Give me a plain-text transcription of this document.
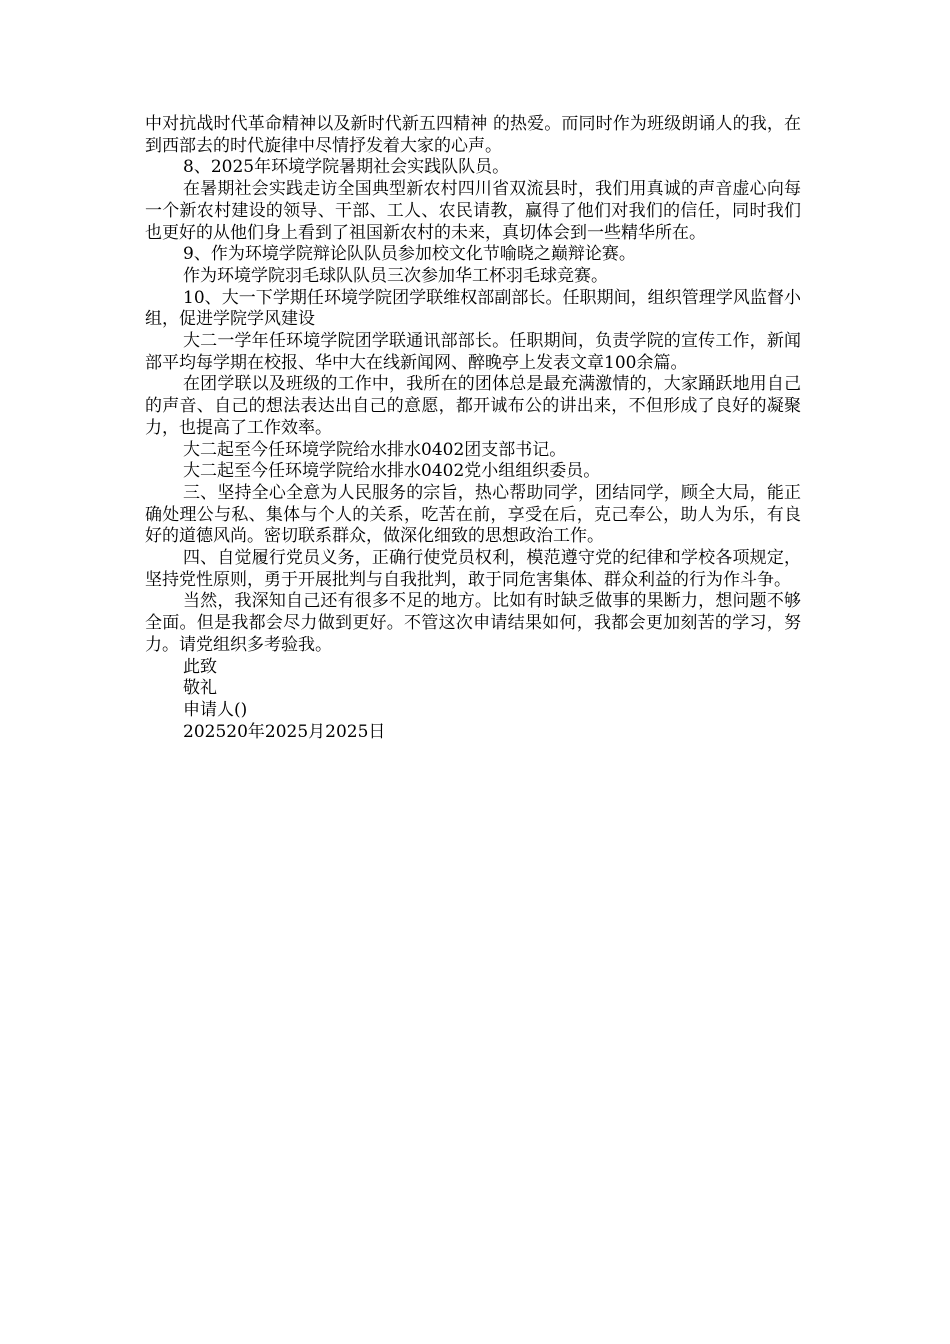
中对抗战时代革命精神以及新时代新五四精神 的热爱。而同时作为班级朗诵人的我，在到西部去的时代旋律中尽情抒发着大家的心声。

8、2025年环境学院暑期社会实践队队员。

在暑期社会实践走访全国典型新农村四川省双流县时，我们用真诚的声音虚心向每一个新农村建设的领导、干部、工人、农民请教，赢得了他们对我们的信任，同时我们也更好的从他们身上看到了祖国新农村的未来，真切体会到一些精华所在。

9、作为环境学院辩论队队员参加校文化节喻晓之巅辩论赛。

作为环境学院羽毛球队队员三次参加华工杯羽毛球竞赛。

10、大一下学期任环境学院团学联维权部副部长。任职期间，组织管理学风监督小组，促进学院学风建设

大二一学年任环境学院团学联通讯部部长。任职期间，负责学院的宣传工作，新闻部平均每学期在校报、华中大在线新闻网、醉晚亭上发表文章100余篇。

在团学联以及班级的工作中，我所在的团体总是最充满激情的，大家踊跃地用自己的声音、自己的想法表达出自己的意愿，都开诚布公的讲出来，不但形成了良好的凝聚力，也提高了工作效率。

大二起至今任环境学院给水排水0402团支部书记。

大二起至今任环境学院给水排水0402党小组组织委员。

三、坚持全心全意为人民服务的宗旨，热心帮助同学，团结同学，顾全大局，能正确处理公与私、集体与个人的关系，吃苦在前，享受在后，克己奉公，助人为乐，有良好的道德风尚。密切联系群众，做深化细致的思想政治工作。

四、自觉履行党员义务，正确行使党员权利，模范遵守党的纪律和学校各项规定，坚持党性原则，勇于开展批判与自我批判，敢于同危害集体、群众利益的行为作斗争。

当然，我深知自己还有很多不足的地方。比如有时缺乏做事的果断力，想问题不够全面。但是我都会尽力做到更好。不管这次申请结果如何，我都会更加刻苦的学习，努力。请党组织多考验我。

此致

敬礼

申请人()

202520年2025月2025日
